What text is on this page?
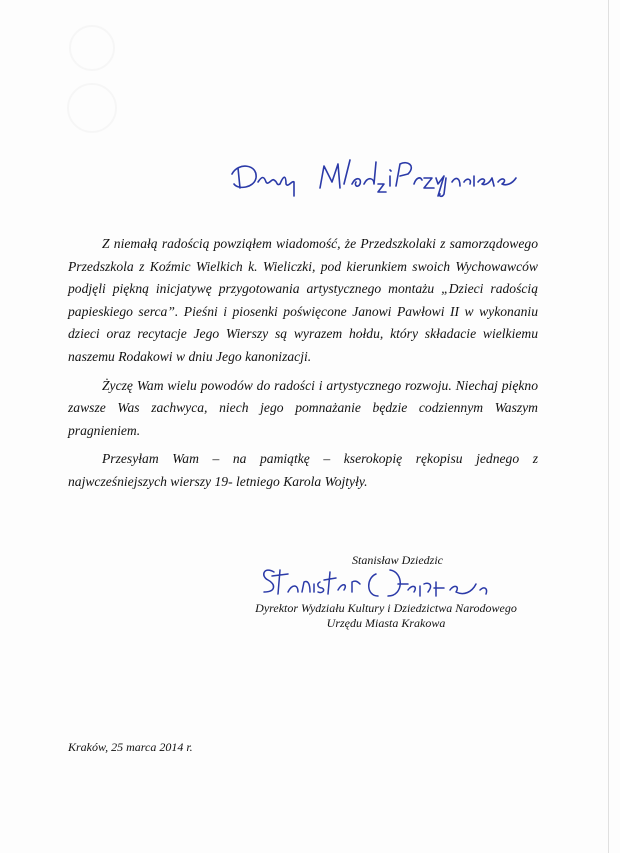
Z niemałą radością powziąłem wiadomość, że Przedszkolaki z samorządowego Przedszkola z Koźmic Wielkich k. Wieliczki, pod kierunkiem swoich Wychowawców podjęli piękną inicjatywę przygotowania artystycznego montażu „Dzieci radością papieskiego serca”. Pieśni i piosenki poświęcone Janowi Pawłowi II w wykonaniu dzieci oraz recytacje Jego Wierszy są wyrazem hołdu, który składacie wielkiemu naszemu Rodakowi w dniu Jego kanonizacji.

Życzę Wam wielu powodów do radości i artystycznego rozwoju. Niechaj piękno zawsze Was zachwyca, niech jego pomnażanie będzie codziennym Waszym pragnieniem.

Przesyłam Wam – na pamiątkę – kserokopię rękopisu jednego z najwcześniejszych wierszy 19- letniego Karola Wojtyły.

Stanisław Dziedzic
Dyrektor Wydziału Kultury i Dziedzictwa Narodowego
Urzędu Miasta Krakowa
Kraków, 25 marca 2014 r.
